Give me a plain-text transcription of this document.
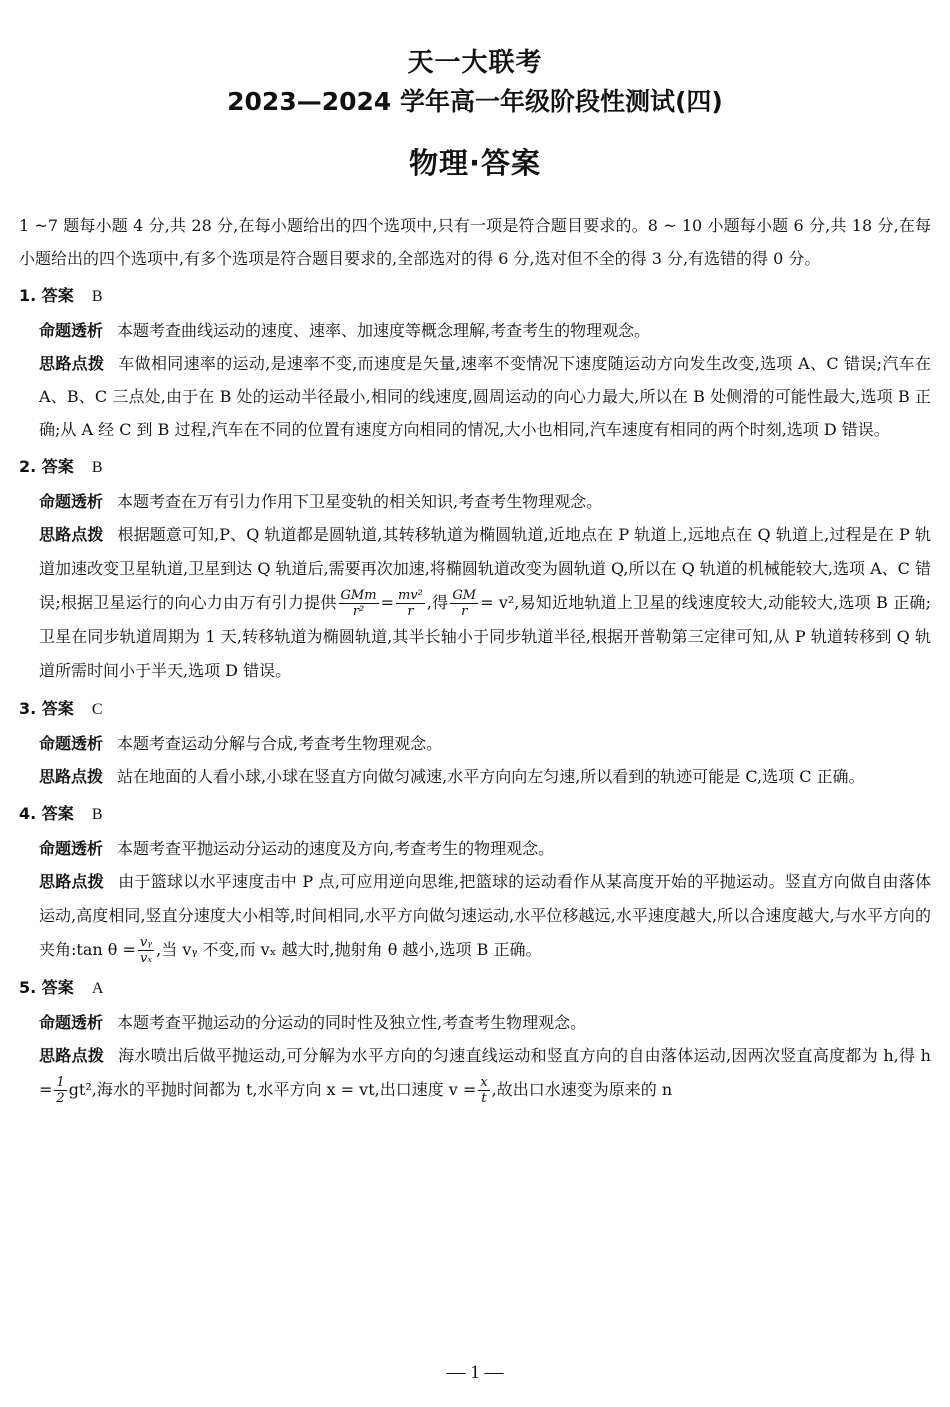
天一大联考
2023—2024 学年高一年级阶段性测试(四)
物理·答案

1 ~7 题每小题 4 分,共 28 分,在每小题给出的四个选项中,只有一项是符合题目要求的。8 ~ 10 小题每小题 6 分,共 18 分,在每小题给出的四个选项中,有多个选项是符合题目要求的,全部选对的得 6 分,选对但不全的得 3 分,有选错的得 0 分。

1. 答案 B

命题透析 本题考查曲线运动的速度、速率、加速度等概念理解,考查考生的物理观念。

思路点拨 车做相同速率的运动,是速率不变,而速度是矢量,速率不变情况下速度随运动方向发生改变,选项 A、C 错误;汽车在 A、B、C 三点处,由于在 B 处的运动半径最小,相同的线速度,圆周运动的向心力最大,所以在 B 处侧滑的可能性最大,选项 B 正确;从 A 经 C 到 B 过程,汽车在不同的位置有速度方向相同的情况,大小也相同,汽车速度有相同的两个时刻,选项 D 错误。

2. 答案 B

命题透析 本题考查在万有引力作用下卫星变轨的相关知识,考查考生物理观念。

思路点拨 根据题意可知,P、Q 轨道都是圆轨道,其转移轨道为椭圆轨道,近地点在 P 轨道上,远地点在 Q 轨道上,过程是在 P 轨道加速改变卫星轨道,卫星到达 Q 轨道后,需要再次加速,将椭圆轨道改变为圆轨道 Q,所以在 Q 轨道的机械能较大,选项 A、C 错误;根据卫星运行的向心力由万有引力提供 $\frac{\text{GMm}}{\text{r²}} = \frac{\text{mv²}}{r}$ ,得 $\frac{GM}{r} = v^2$,易知近地轨道上卫星的线速度较大,动能较大,选项 B 正确;卫星在同步轨道周期为 1 天,转移轨道为椭圆轨道,其半长轴小于同步轨道半径,根据开普勒第三定律可知,从 P 轨道转移到 Q 轨道所需时间小于半天,选项 D 错误。

3. 答案 C

命题透析 本题考查运动分解与合成,考查考生物理观念。

思路点拨 站在地面的人看小球,小球在竖直方向做匀减速,水平方向向左匀速,所以看到的轨迹可能是 C,选项 C 正确。

4. 答案 B

命题透析 本题考查平抛运动分运动的速度及方向,考查考生的物理观念。

思路点拨 由于篮球以水平速度击中 P 点,可应用逆向思维,把篮球的运动看作从某高度开始的平抛运动。竖直方向做自由落体运动,高度相同,竖直分速度大小相等,时间相同,水平方向做匀速运动,水平位移越远,水平速度越大,所以合速度越大,与水平方向的夹角:tan $\theta = \frac{\text{vᵧ}}{\text{vₓ}}$ ,当 vᵧ 不变,而 vₓ 越大时,抛射角 θ 越小,选项 B 正确。

5. 答案 A

命题透析 本题考查平抛运动的分运动的同时性及独立性,考查考生物理观念。

思路点拨 海水喷出后做平抛运动,可分解为水平方向的匀速直线运动和竖直方向的自由落体运动,因两次竖直高度都为 h,得 $h = \frac{1}{2} gt^2$,海水的平抛时间都为 t,水平方向 x = vt,出口速度 $v = \frac{x}{t}$ ,故出口水速变为原来的 n

— 1 —
